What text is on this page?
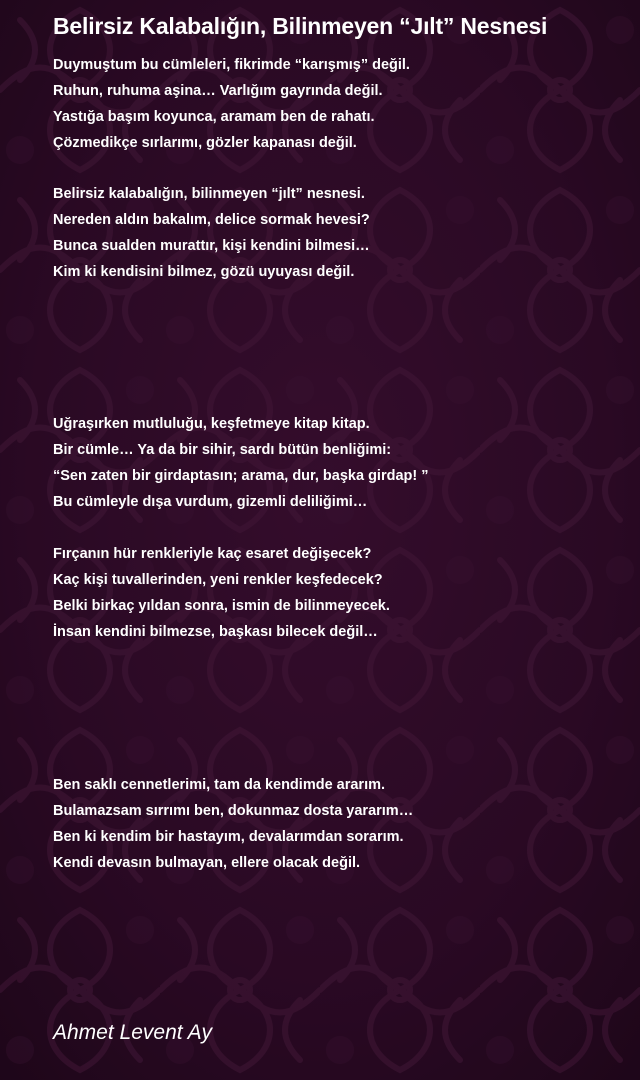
Belirsiz Kalabalığın, Bilinmeyen “Jılt” Nesnesi
Duymuştum bu cümleleri, fikrimde “karışmış” değil.
Ruhun, ruhuma aşina… Varlığım gayrında değil.
Yastığa başım koyunca, aramam ben de rahatı.
Çözmedikçe sırlarımı, gözler kapanası değil.
Belirsiz kalabalığın, bilinmeyen “jılt” nesnesi.
Nereden aldın bakalım, delice sormak hevesi?
Bunca sualden murattır, kişi kendini bilmesi…
Kim ki kendisini bilmez, gözü uyuyası değil.
Uğraşırken mutluluğu, keşfetmeye kitap kitap.
Bir cümle… Ya da bir sihir, sardı bütün benliğimi:
“Sen zaten bir girdaptasın; arama, dur, başka girdap! ”
Bu cümleyle dışa vurdum, gizemli deliliğimi…
Fırçanın hür renkleriyle kaç esaret değişecek?
Kaç kişi tuvallerinden, yeni renkler keşfedecek?
Belki birkaç yıldan sonra, ismin de bilinmeyecek.
İnsan kendini bilmezse, başkası bilecek değil…
Ben saklı cennetlerimi, tam da kendimde ararım.
Bulamazsam sırrımı ben, dokunmaz dosta yararım…
Ben ki kendim bir hastayım, devalarımdan sorarım.
Kendi devasın bulmayan, ellere olacak değil.

Ahmet Levent Ay
